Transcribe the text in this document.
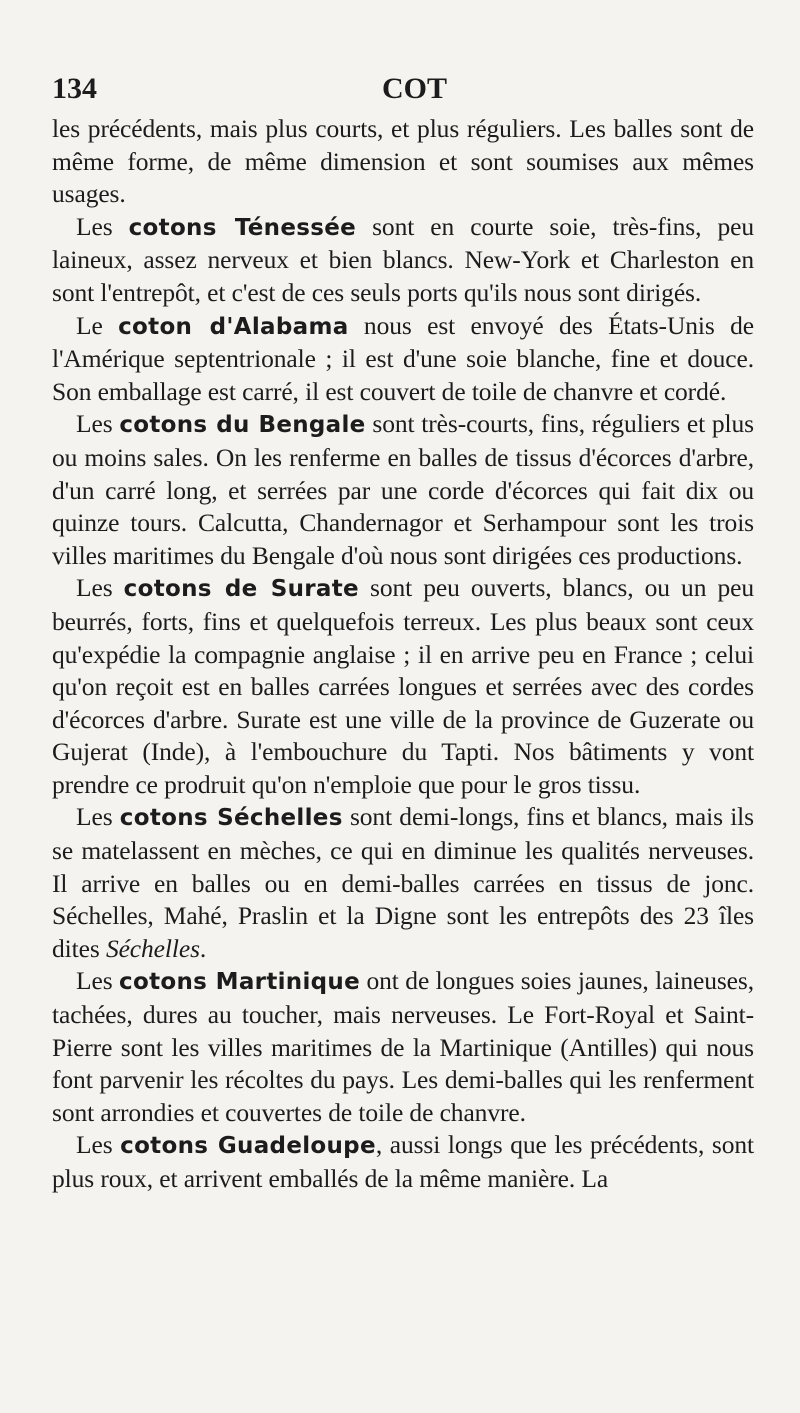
134	COT

les précédents, mais plus courts, et plus réguliers. Les balles sont de même forme, de même dimension et sont soumises aux mêmes usages.

Les cotons Ténessée sont en courte soie, très-fins, peu laineux, assez nerveux et bien blancs. New-York et Charleston en sont l'entrepôt, et c'est de ces seuls ports qu'ils nous sont dirigés.

Le coton d'Alabama nous est envoyé des États-Unis de l'Amérique septentrionale ; il est d'une soie blanche, fine et douce. Son emballage est carré, il est couvert de toile de chanvre et cordé.

Les cotons du Bengale sont très-courts, fins, réguliers et plus ou moins sales. On les renferme en balles de tissus d'écorces d'arbre, d'un carré long, et serrées par une corde d'écorces qui fait dix ou quinze tours. Calcutta, Chandernagor et Serhampour sont les trois villes maritimes du Bengale d'où nous sont dirigées ces productions.

Les cotons de Surate sont peu ouverts, blancs, ou un peu beurrés, forts, fins et quelquefois terreux. Les plus beaux sont ceux qu'expédie la compagnie anglaise ; il en arrive peu en France ; celui qu'on reçoit est en balles carrées longues et serrées avec des cordes d'écorces d'arbre. Surate est une ville de la province de Guzerate ou Gujerat (Inde), à l'embouchure du Tapti. Nos bâtiments y vont prendre ce prodruit qu'on n'emploie que pour le gros tissu.

Les cotons Séchelles sont demi-longs, fins et blancs, mais ils se matelassent en mèches, ce qui en diminue les qualités nerveuses. Il arrive en balles ou en demi-balles carrées en tissus de jonc. Séchelles, Mahé, Praslin et la Digne sont les entrepôts des 23 îles dites Séchelles.

Les cotons Martinique ont de longues soies jaunes, laineuses, tachées, dures au toucher, mais nerveuses. Le Fort-Royal et Saint-Pierre sont les villes maritimes de la Martinique (Antilles) qui nous font parvenir les récoltes du pays. Les demi-balles qui les renferment sont arrondies et couvertes de toile de chanvre.

Les cotons Guadeloupe, aussi longs que les précédents, sont plus roux, et arrivent emballés de la même manière. La
